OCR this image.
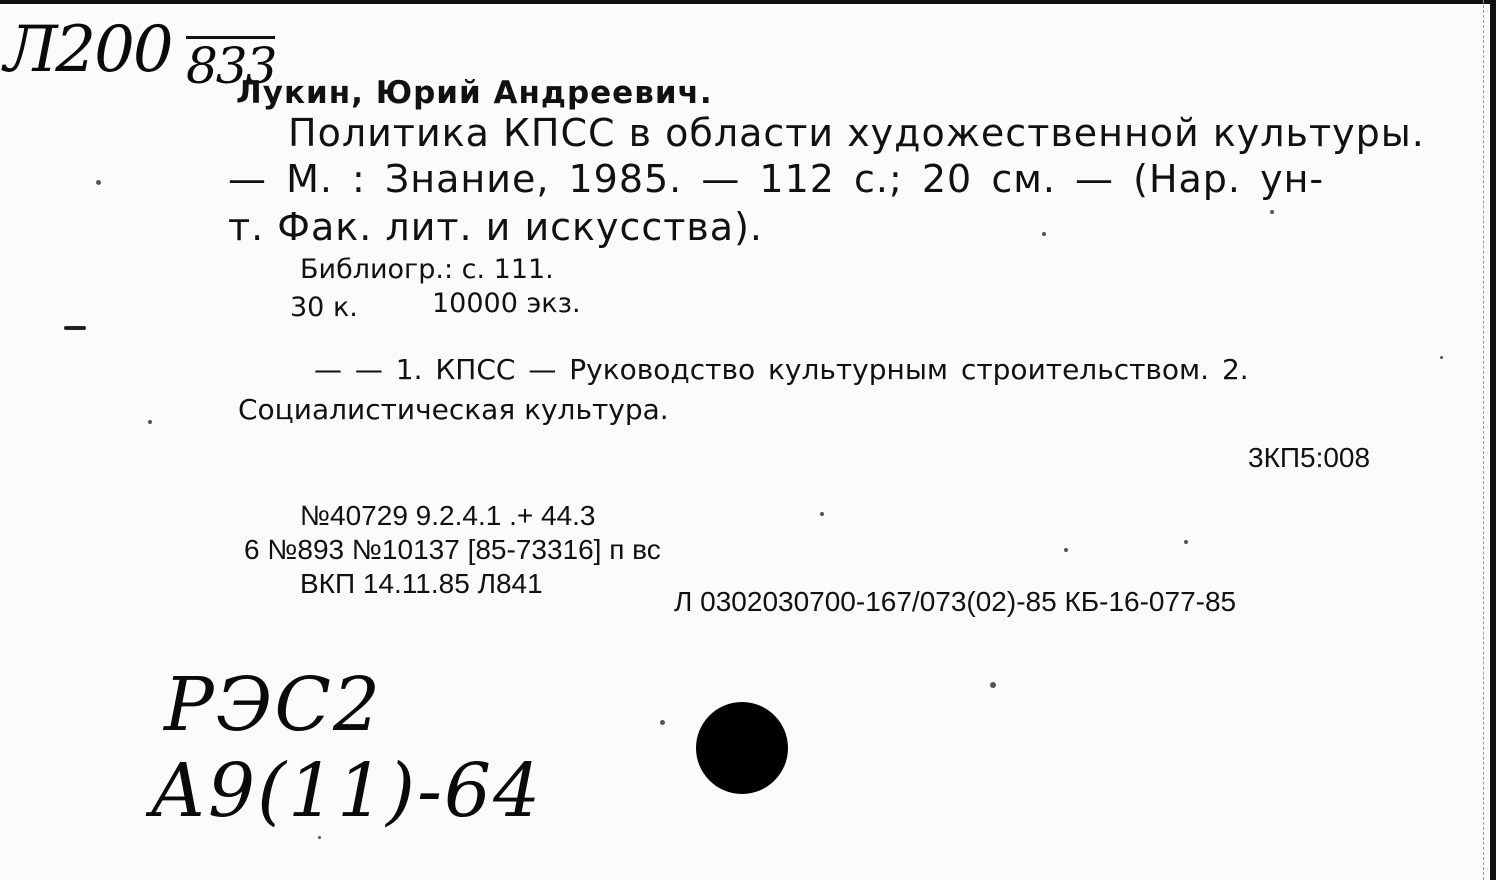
Л200 833
Лукин, Юрий Андреевич.
Политика КПСС в области художественной культуры.
— М. : Знание, 1985. — 112 с.; 20 см. — (Нар. ун-
т. Фак. лит. и искусства).
Библиогр.: с. 111.
30 к.	10000 экз.
— — 1. КПСС — Руководство культурным строительством. 2.
Социалистическая культура.
3КП5:008
№40729 9.2.4.1 .+ 44.3
6 №893 №10137 [85-73316] п вс
ВКП 14.11.85 Л841
Л 0302030700-167/073(02)-85 КБ-16-077-85
РЭС2
А9(11)-64
